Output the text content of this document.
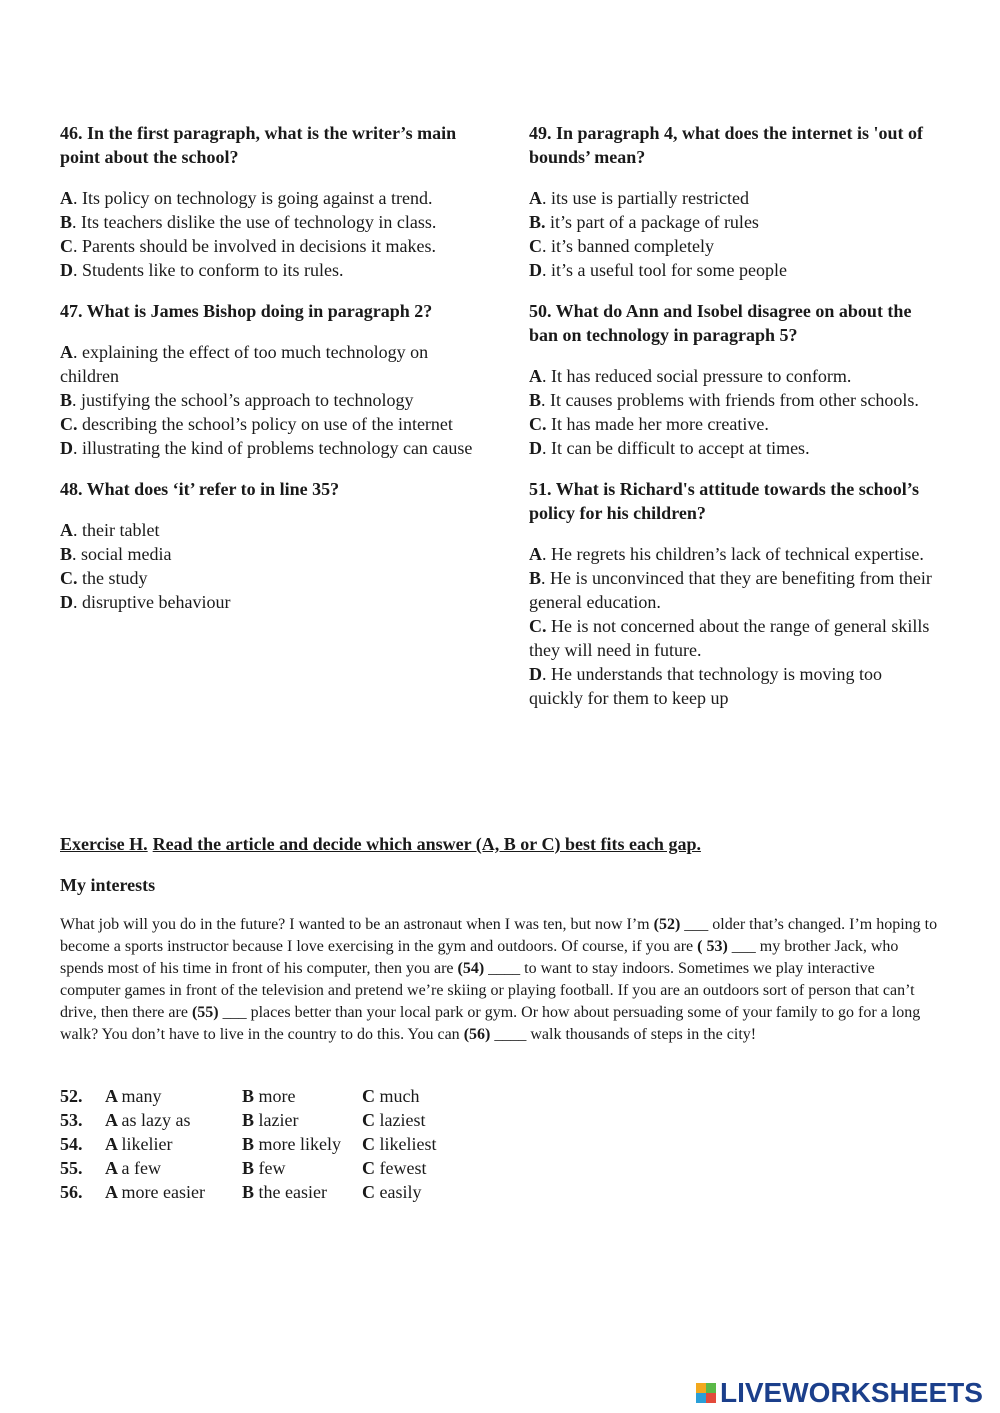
46. In the first paragraph, what is the writer’s main point about the school?

A. Its policy on technology is going against a trend.

B. Its teachers dislike the use of technology in class.

C. Parents should be involved in decisions it makes.

D. Students like to conform to its rules.

47. What is James Bishop doing in paragraph 2?

A. explaining the effect of too much technology on children

B. justifying the school’s approach to technology

C. describing the school’s policy on use of the internet

D. illustrating the kind of problems technology can cause

48. What does ‘it’ refer to in line 35?

A. their tablet

B. social media

C. the study

D. disruptive behaviour

49. In paragraph 4, what does the internet is 'out of bounds’ mean?

A. its use is partially restricted

B. it’s part of a package of rules

C. it’s banned completely

D. it’s a useful tool for some people

50. What do Ann and Isobel disagree on about the ban on technology in paragraph 5?

A. It has reduced social pressure to conform.

B. It causes problems with friends from other schools.

C. It has made her more creative.

D. It can be difficult to accept at times.

51. What is Richard's attitude towards the school’s policy for his children?

A. He regrets his children’s lack of technical expertise.

B. He is unconvinced that they are benefiting from their general education.

C. He is not concerned about the range of general skills they will need in future.

D. He understands that technology is moving too quickly for them to keep up

Exercise H. Read the article and decide which answer (A, B or C) best fits each gap.
My interests

What job will you do in the future? I wanted to be an astronaut when I was ten, but now I’m (52) ___ older that’s changed. I’m hoping to become a sports instructor because I love exercising in the gym and outdoors. Of course, if you are ( 53) ___ my brother Jack, who spends most of his time in front of his computer, then you are (54) ____ to want to stay indoors. Sometimes we play interactive computer games in front of the television and pretend we’re skiing or playing football. If you are an outdoors sort of person that can’t drive, then there are (55) ___ places better than your local park or gym. Or how about persuading some of your family to go for a long walk? You don’t have to live in the country to do this. You can (56) ____ walk thousands of steps in the city!

52.	A many	B more	C much
53.	A as lazy as	B lazier	C laziest
54.	A likelier	B more likely	C likeliest
55.	A a few	B few	C fewest
56.	A more easier	B the easier	C easily
LIVEWORKSHEETS
